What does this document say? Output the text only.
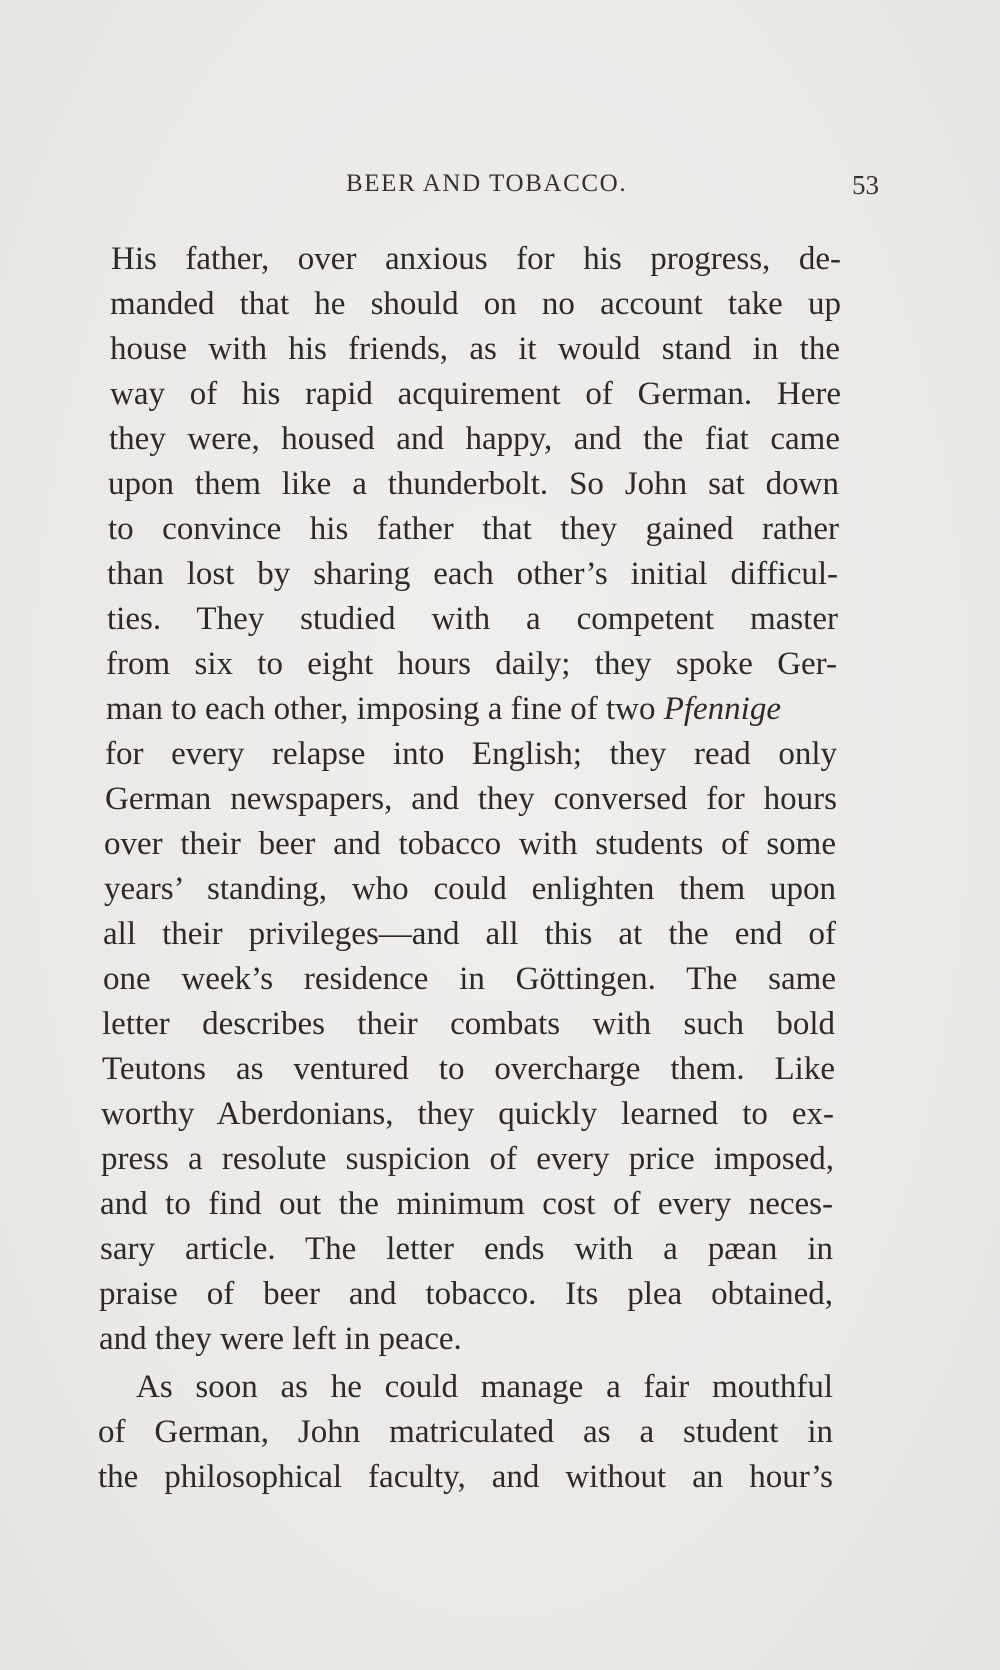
BEER AND TOBACCO.	53
His father, over anxious for his progress, de-
manded that he should on no account take up
house with his friends, as it would stand in the
way of his rapid acquirement of German. Here
they were, housed and happy, and the fiat came
upon them like a thunderbolt. So John sat down
to convince his father that they gained rather
than lost by sharing each other’s initial difficul-
ties. They studied with a competent master
from six to eight hours daily; they spoke Ger-
man to each other, imposing a fine of two Pfennige
for every relapse into English; they read only
German newspapers, and they conversed for hours
over their beer and tobacco with students of some
years’ standing, who could enlighten them upon
all their privileges—and all this at the end of
one week’s residence in Göttingen. The same
letter describes their combats with such bold
Teutons as ventured to overcharge them. Like
worthy Aberdonians, they quickly learned to ex-
press a resolute suspicion of every price imposed,
and to find out the minimum cost of every neces-
sary article. The letter ends with a pæan in
praise of beer and tobacco. Its plea obtained,
and they were left in peace.
As soon as he could manage a fair mouthful
of German, John matriculated as a student in
the philosophical faculty, and without an hour’s
